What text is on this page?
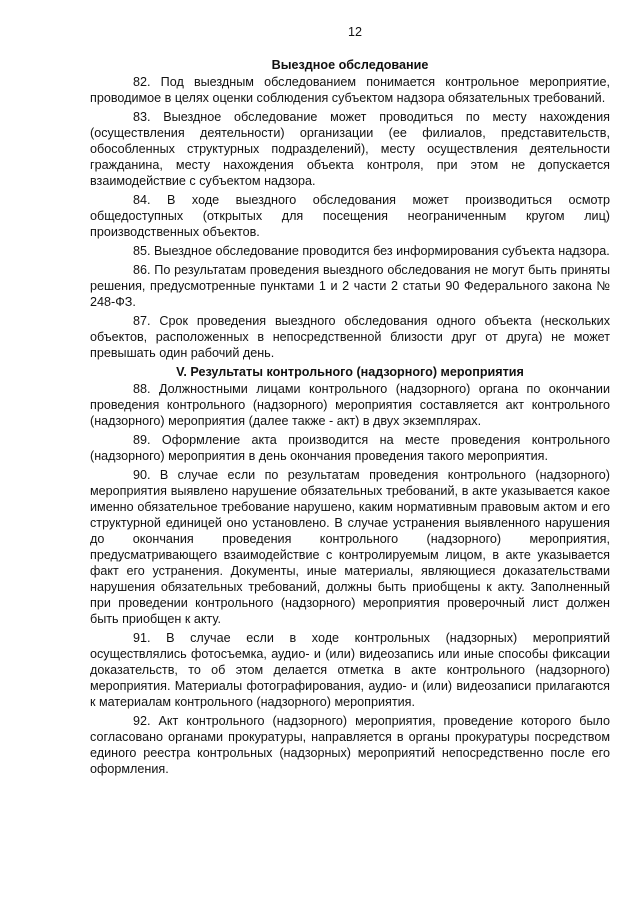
12
Выездное обследование

82. Под выездным обследованием понимается контрольное мероприятие, проводимое в целях оценки соблюдения субъектом надзора обязательных требований.

83. Выездное обследование может проводиться по месту нахождения (осуществления деятельности) организации (ее филиалов, представительств, обособленных структурных подразделений), месту осуществления деятельности гражданина, месту нахождения объекта контроля, при этом не допускается взаимодействие с субъектом надзора.

84. В ходе выездного обследования может производиться осмотр общедоступных (открытых для посещения неограниченным кругом лиц) производственных объектов.

85. Выездное обследование проводится без информирования субъекта надзора.

86. По результатам проведения выездного обследования не могут быть приняты решения, предусмотренные пунктами 1 и 2 части 2 статьи 90 Федерального закона № 248-ФЗ.

87. Срок проведения выездного обследования одного объекта (нескольких объектов, расположенных в непосредственной близости друг от друга) не может превышать один рабочий день.

V. Результаты контрольного (надзорного) мероприятия

88. Должностными лицами контрольного (надзорного) органа по окончании проведения контрольного (надзорного) мероприятия составляется акт контрольного (надзорного) мероприятия (далее также - акт) в двух экземплярах.

89. Оформление акта производится на месте проведения контрольного (надзорного) мероприятия в день окончания проведения такого мероприятия.

90. В случае если по результатам проведения контрольного (надзорного) мероприятия выявлено нарушение обязательных требований, в акте указывается какое именно обязательное требование нарушено, каким нормативным правовым актом и его структурной единицей оно установлено. В случае устранения выявленного нарушения до окончания проведения контрольного (надзорного) мероприятия, предусматривающего взаимодействие с контролируемым лицом, в акте указывается факт его устранения. Документы, иные материалы, являющиеся доказательствами нарушения обязательных требований, должны быть приобщены к акту. Заполненный при проведении контрольного (надзорного) мероприятия проверочный лист должен быть приобщен к акту.

91. В случае если в ходе контрольных (надзорных) мероприятий осуществлялись фотосъемка, аудио- и (или) видеозапись или иные способы фиксации доказательств, то об этом делается отметка в акте контрольного (надзорного) мероприятия. Материалы фотографирования, аудио- и (или) видеозаписи прилагаются к материалам контрольного (надзорного) мероприятия.

92. Акт контрольного (надзорного) мероприятия, проведение которого было согласовано органами прокуратуры, направляется в органы прокуратуры посредством единого реестра контрольных (надзорных) мероприятий непосредственно после его оформления.
